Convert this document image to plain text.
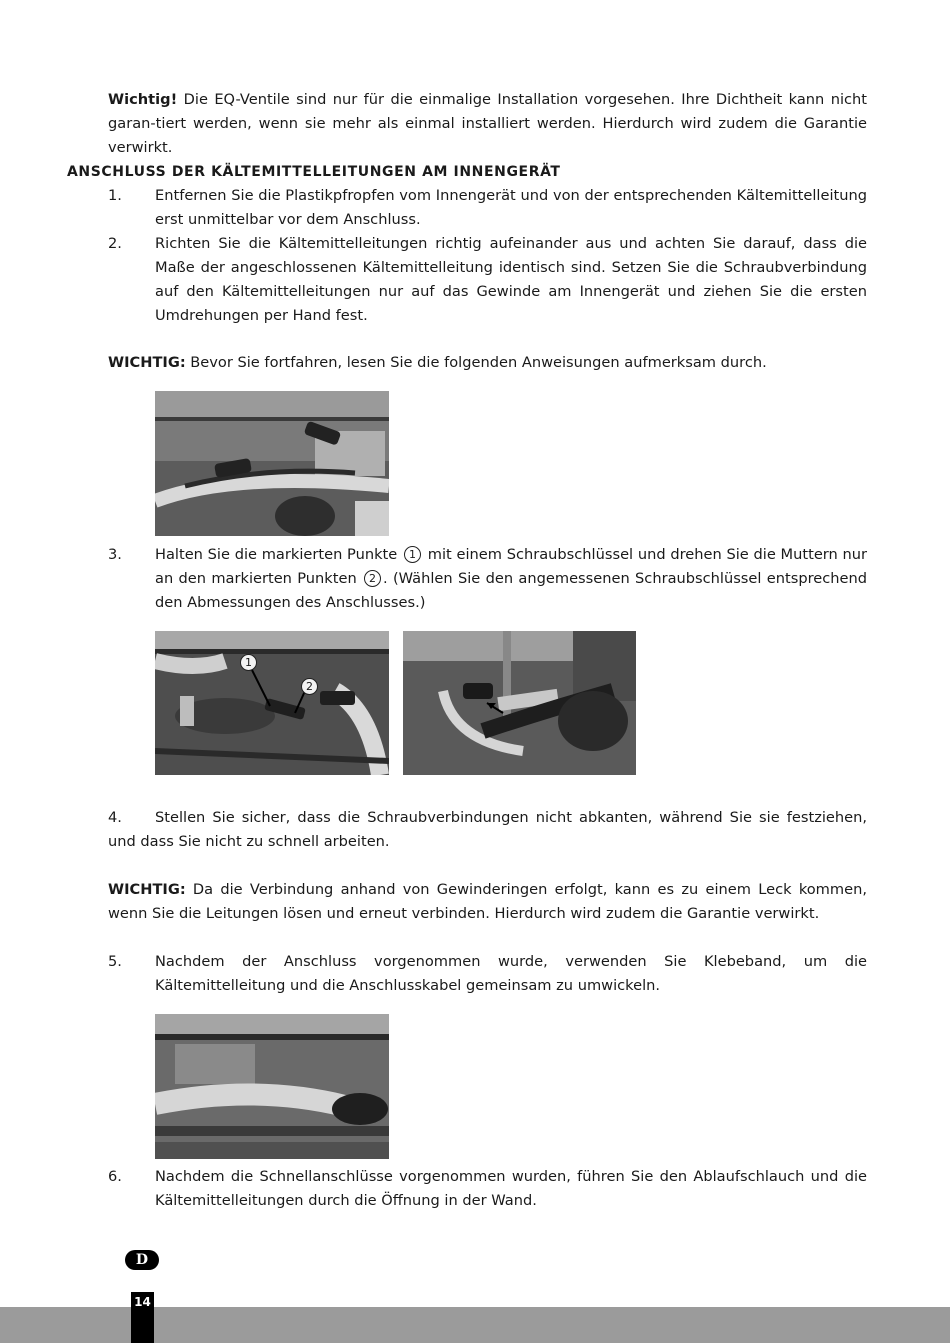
Wichtig! Die EQ-Ventile sind nur für die einmalige Installation vorgesehen. Ihre Dichtheit kann nicht garan-tiert werden, wenn sie mehr als einmal installiert werden. Hierdurch wird zudem die Garantie verwirkt.
ANSCHLUSS DER KÄLTEMITTELLEITUNGEN AM INNENGERÄT
1.	Entfernen Sie die Plastikpfropfen vom Innengerät und von der entsprechenden Kältemittelleitung erst unmittelbar vor dem Anschluss.
2.	Richten Sie die Kältemittelleitungen richtig aufeinander aus und achten Sie darauf, dass die Maße der angeschlossenen Kältemittelleitung identisch sind. Setzen Sie die Schraubverbindung auf den Kältemittelleitungen nur auf das Gewinde am Innengerät und ziehen Sie die ersten Umdrehungen per Hand fest.
WICHTIG: Bevor Sie fortfahren, lesen Sie die folgenden Anweisungen aufmerksam durch.
3.	Halten Sie die markierten Punkte 1 mit einem Schraubschlüssel und drehen Sie die Muttern nur an den markierten Punkten 2 . (Wählen Sie den angemessenen Schraubschlüssel entsprechend den Abmessungen des Anschlusses.)
1
2
4. Stellen Sie sicher, dass die Schraubverbindungen nicht abkanten, während Sie sie festziehen, und dass Sie nicht zu schnell arbeiten.
WICHTIG: Da die Verbindung anhand von Gewinderingen erfolgt, kann es zu einem Leck kommen, wenn Sie die Leitungen lösen und erneut verbinden. Hierdurch wird zudem die Garantie verwirkt.
5.	Nachdem der Anschluss vorgenommen wurde, verwenden Sie Klebeband, um die Kältemittelleitung und die Anschlusskabel gemeinsam zu umwickeln.
6.	Nachdem die Schnellanschlüsse vorgenommen wurden, führen Sie den Ablaufschlauch und die Kältemittelleitungen durch die Öffnung in der Wand.
D
14
